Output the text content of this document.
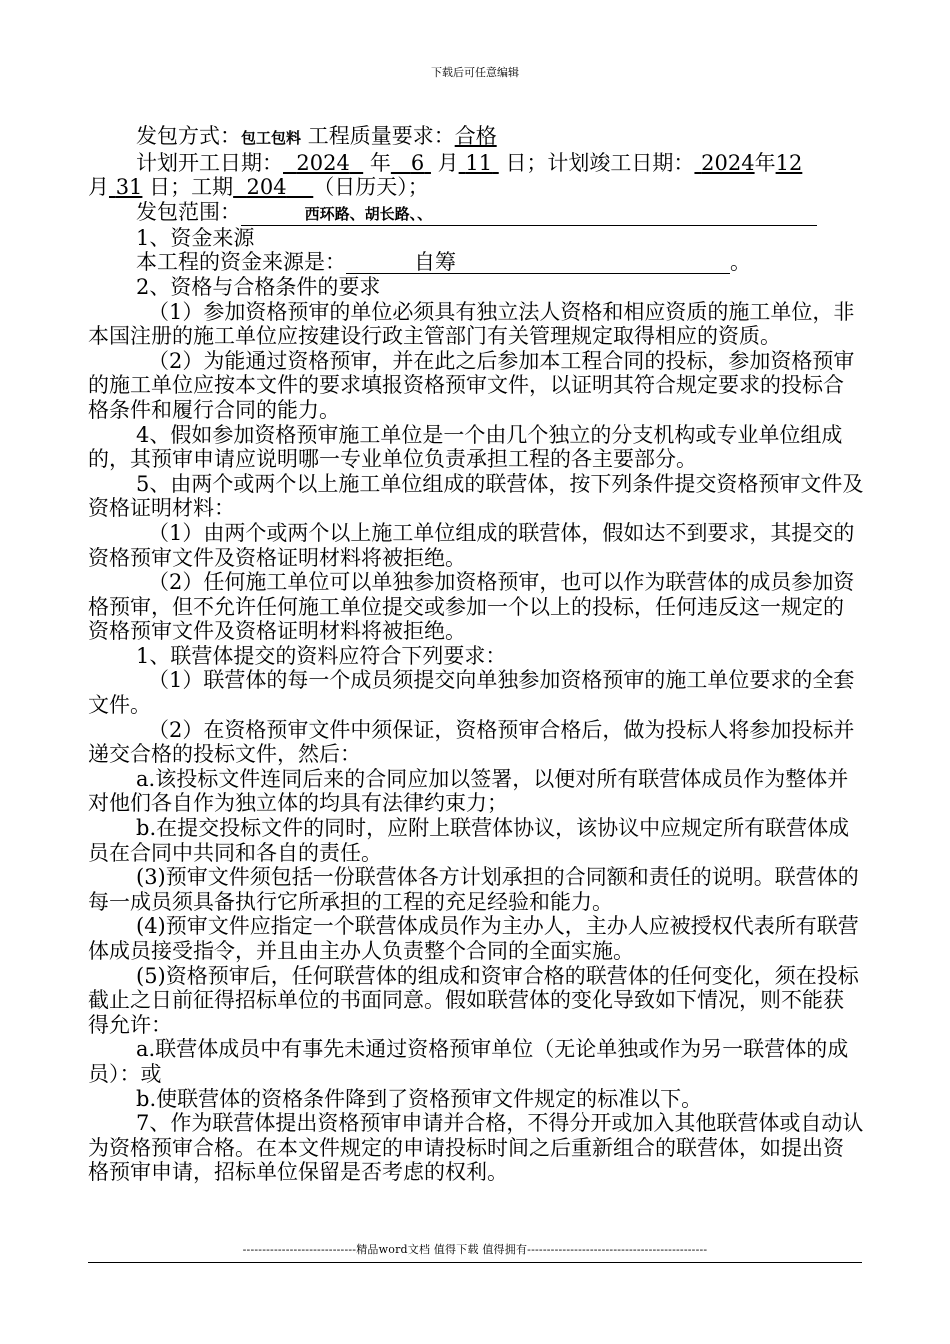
下载后可任意编辑

发包方式：包工包料 工程质量要求：合格

计划开工日期： 2024 年 6 月 11 日；计划竣工日期： 2024年12月 31 日；工期 204 （日历天）；

发包范围：	西环路、胡长路、、

1、资金来源

本工程的资金来源是：	自筹	。

2、资格与合格条件的要求

（1）参加资格预审的单位必须具有独立法人资格和相应资质的施工单位，非本国注册的施工单位应按建设行政主管部门有关管理规定取得相应的资质。

（2）为能通过资格预审，并在此之后参加本工程合同的投标，参加资格预审的施工单位应按本文件的要求填报资格预审文件，以证明其符合规定要求的投标合格条件和履行合同的能力。

4、假如参加资格预审施工单位是一个由几个独立的分支机构或专业单位组成的，其预审申请应说明哪一专业单位负责承担工程的各主要部分。

5、由两个或两个以上施工单位组成的联营体，按下列条件提交资格预审文件及资格证明材料：

（1）由两个或两个以上施工单位组成的联营体，假如达不到要求，其提交的资格预审文件及资格证明材料将被拒绝。

（2）任何施工单位可以单独参加资格预审，也可以作为联营体的成员参加资格预审，但不允许任何施工单位提交或参加一个以上的投标，任何违反这一规定的资格预审文件及资格证明材料将被拒绝。

1、联营体提交的资料应符合下列要求：

（1）联营体的每一个成员须提交向单独参加资格预审的施工单位要求的全套文件。

（2）在资格预审文件中须保证，资格预审合格后，做为投标人将参加投标并递交合格的投标文件，然后：

a.该投标文件连同后来的合同应加以签署，以便对所有联营体成员作为整体并对他们各自作为独立体的均具有法律约束力；

b.在提交投标文件的同时，应附上联营体协议，该协议中应规定所有联营体成员在合同中共同和各自的责任。

(3)预审文件须包括一份联营体各方计划承担的合同额和责任的说明。联营体的每一成员须具备执行它所承担的工程的充足经验和能力。

(4)预审文件应指定一个联营体成员作为主办人，主办人应被授权代表所有联营体成员接受指令，并且由主办人负责整个合同的全面实施。

(5)资格预审后，任何联营体的组成和资审合格的联营体的任何变化，须在投标截止之日前征得招标单位的书面同意。假如联营体的变化导致如下情况，则不能获得允许：

a.联营体成员中有事先未通过资格预审单位（无论单独或作为另一联营体的成员）：或

b.使联营体的资格条件降到了资格预审文件规定的标准以下。

7、作为联营体提出资格预审申请并合格，不得分开或加入其他联营体或自动认为资格预审合格。在本文件规定的申请投标时间之后重新组合的联营体，如提出资格预审申请，招标单位保留是否考虑的权利。

-----------------------------精品word文档 值得下载 值得拥有----------------------------------------------
